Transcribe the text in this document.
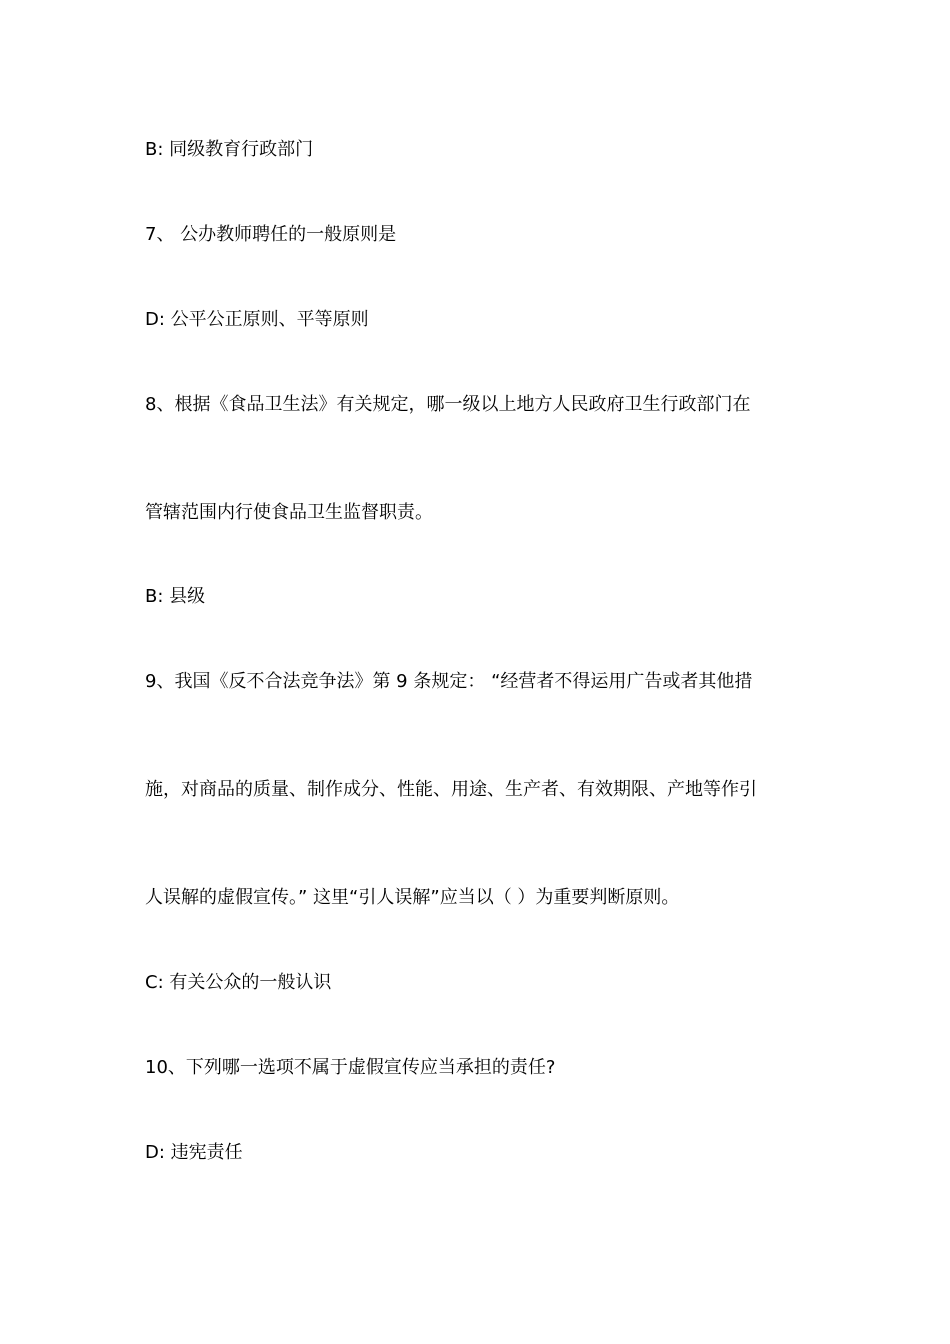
B: 同级教育行政部门
7、 公办教师聘任的一般原则是
D: 公平公正原则、平等原则
8、根据《食品卫生法》有关规定，哪一级以上地方人民政府卫生行政部门在
管辖范围内行使食品卫生监督职责。
B: 县级
9、我国《反不合法竞争法》第 9 条规定： “经营者不得运用广告或者其他措
施，对商品的质量、制作成分、性能、用途、生产者、有效期限、产地等作引
人误解的虚假宣传。” 这里“引人误解”应当以（ ）为重要判断原则。
C: 有关公众的一般认识
10、下列哪一选项不属于虚假宣传应当承担的责任?
D: 违宪责任
